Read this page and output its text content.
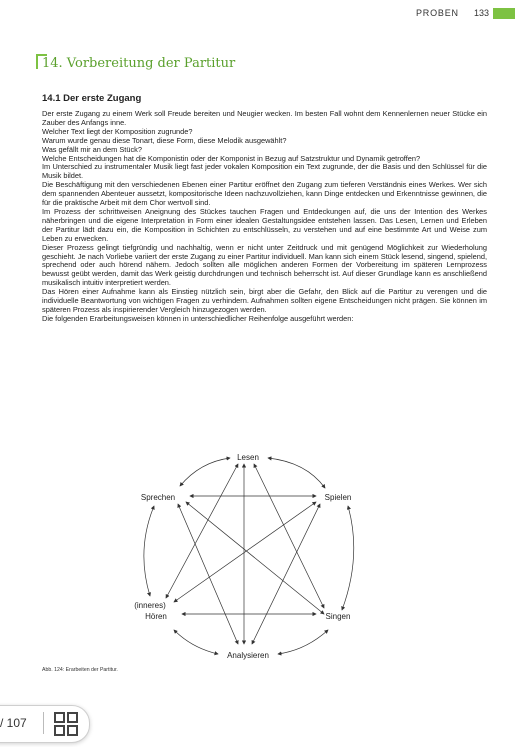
PROBEN 133
14. Vorbereitung der Partitur
14.1 Der erste Zugang

Der erste Zugang zu einem Werk soll Freude bereiten und Neugier wecken. Im besten Fall wohnt dem Kennenlernen neuer Stücke ein Zauber des Anfangs inne.

Welcher Text liegt der Komposition zugrunde?

Warum wurde genau diese Tonart, diese Form, diese Melodik ausgewählt?

Was gefällt mir an dem Stück?

Welche Entscheidungen hat die Komponistin oder der Komponist in Bezug auf Satzstruktur und Dynamik getroffen?

Im Unterschied zu instrumentaler Musik liegt fast jeder vokalen Komposition ein Text zugrunde, der die Basis und den Schlüssel für die Musik bildet.

Die Beschäftigung mit den verschiedenen Ebenen einer Partitur eröffnet den Zugang zum tieferen Verständnis eines Werkes. Wer sich dem spannenden Abenteuer aussetzt, kompositorische Ideen nachzuvollziehen, kann Dinge entdecken und Erkenntnisse gewinnen, die für die praktische Arbeit mit dem Chor wertvoll sind.

Im Prozess der schrittweisen Aneignung des Stückes tauchen Fragen und Entdeckungen auf, die uns der Intention des Werkes näherbringen und die eigene Interpretation in Form einer idealen Gestaltungsidee entstehen lassen. Das Lesen, Lernen und Erleben der Partitur lädt dazu ein, die Komposition in Schichten zu entschlüsseln, zu verstehen und auf eine bestimmte Art und Weise zum Leben zu erwecken.

Dieser Prozess gelingt tiefgründig und nachhaltig, wenn er nicht unter Zeitdruck und mit genügend Möglichkeit zur Wiederholung geschieht. Je nach Vorliebe variiert der erste Zugang zu einer Partitur individuell. Man kann sich einem Stück lesend, singend, spielend, sprechend oder auch hörend nähern. Jedoch sollten alle möglichen anderen Formen der Vorbereitung im späteren Lernprozess bewusst geübt werden, damit das Werk geistig durchdrungen und technisch beherrscht ist. Auf dieser Grundlage kann es anschließend musikalisch intuitiv interpretiert werden.

Das Hören einer Aufnahme kann als Einstieg nützlich sein, birgt aber die Gefahr, den Blick auf die Partitur zu verengen und die individuelle Beantwortung von wichtigen Fragen zu verhindern. Aufnahmen sollten eigene Entscheidungen nicht prägen. Sie können im späteren Prozess als inspirierender Vergleich hinzugezogen werden.

Die folgenden Erarbeitungsweisen können in unterschiedlicher Reihenfolge ausgeführt werden:

Lesen
Sprechen	Spielen
(inneres)
Hören	Singen
Analysieren
Abb. 124: Erarbeiten der Partitur.
/ 107
